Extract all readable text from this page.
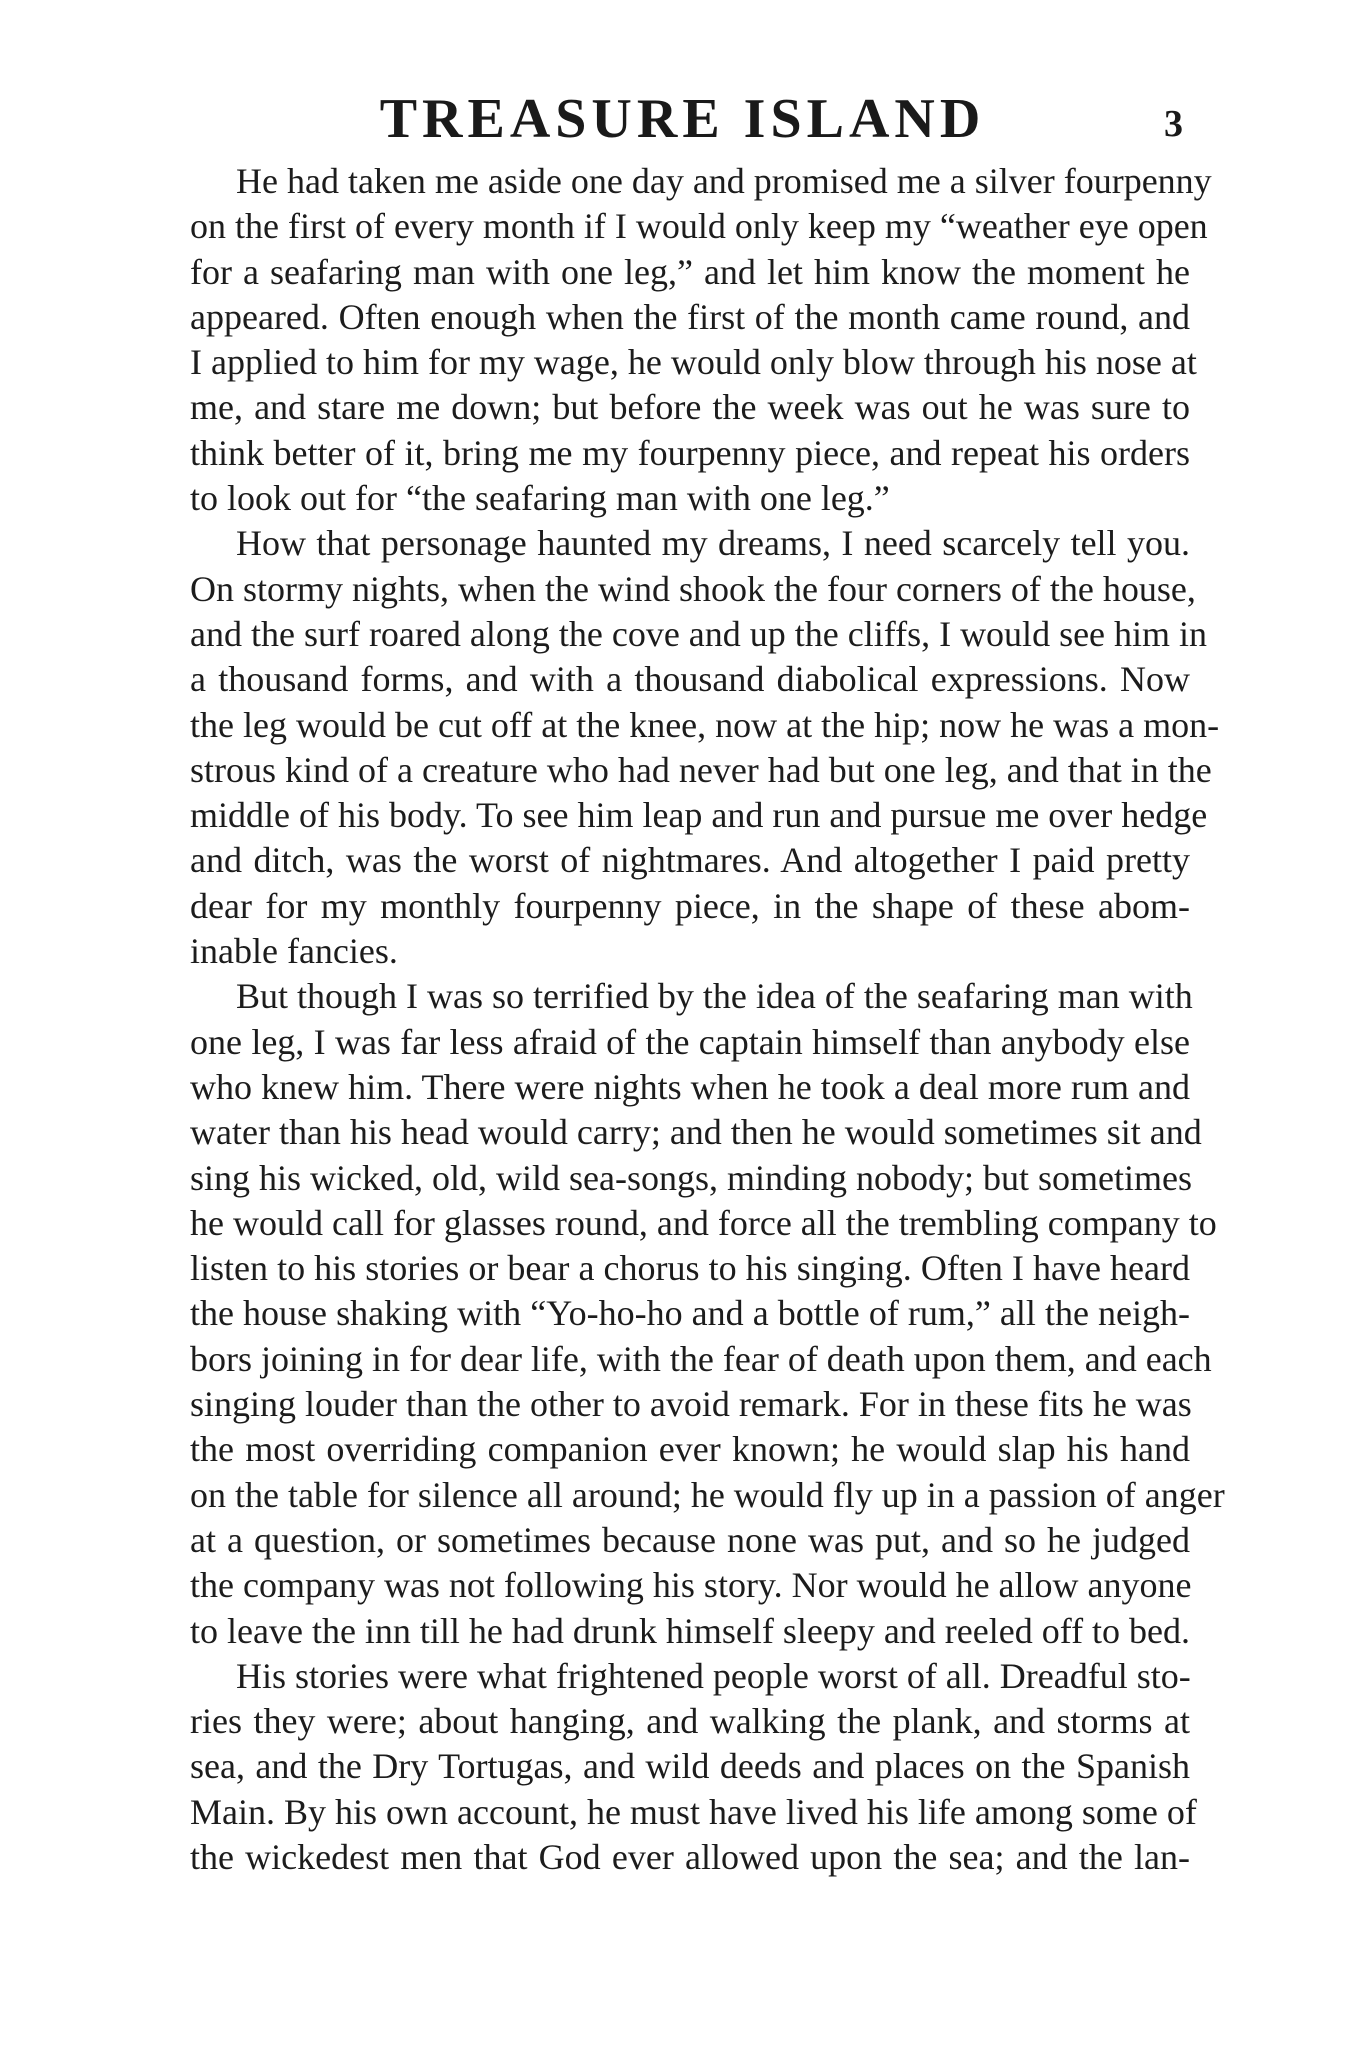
TREASURE ISLAND	3
He had taken me aside one day and promised me a silver fourpenny
on the first of every month if I would only keep my “weather eye open
for a seafaring man with one leg,” and let him know the moment he
appeared. Often enough when the first of the month came round, and
I applied to him for my wage, he would only blow through his nose at
me, and stare me down; but before the week was out he was sure to
think better of it, bring me my fourpenny piece, and repeat his orders
to look out for “the seafaring man with one leg.”
How that personage haunted my dreams, I need scarcely tell you.
On stormy nights, when the wind shook the four corners of the house,
and the surf roared along the cove and up the cliffs, I would see him in
a thousand forms, and with a thousand diabolical expressions. Now
the leg would be cut off at the knee, now at the hip; now he was a mon-
strous kind of a creature who had never had but one leg, and that in the
middle of his body. To see him leap and run and pursue me over hedge
and ditch, was the worst of nightmares. And altogether I paid pretty
dear for my monthly fourpenny piece, in the shape of these abom-
inable fancies.
But though I was so terrified by the idea of the seafaring man with
one leg, I was far less afraid of the captain himself than anybody else
who knew him. There were nights when he took a deal more rum and
water than his head would carry; and then he would sometimes sit and
sing his wicked, old, wild sea-songs, minding nobody; but sometimes
he would call for glasses round, and force all the trembling company to
listen to his stories or bear a chorus to his singing. Often I have heard
the house shaking with “Yo-ho-ho and a bottle of rum,” all the neigh-
bors joining in for dear life, with the fear of death upon them, and each
singing louder than the other to avoid remark. For in these fits he was
the most overriding companion ever known; he would slap his hand
on the table for silence all around; he would fly up in a passion of anger
at a question, or sometimes because none was put, and so he judged
the company was not following his story. Nor would he allow anyone
to leave the inn till he had drunk himself sleepy and reeled off to bed.
His stories were what frightened people worst of all. Dreadful sto-
ries they were; about hanging, and walking the plank, and storms at
sea, and the Dry Tortugas, and wild deeds and places on the Spanish
Main. By his own account, he must have lived his life among some of
the wickedest men that God ever allowed upon the sea; and the lan-
